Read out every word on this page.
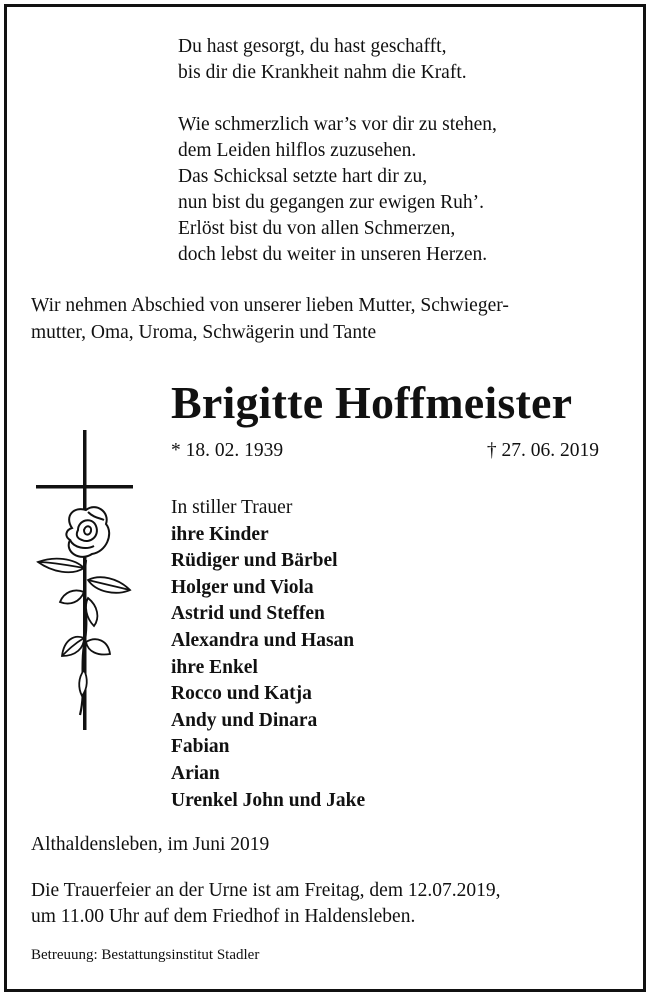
Du hast gesorgt, du hast geschafft,
bis dir die Krankheit nahm die Kraft.
Wie schmerzlich war’s vor dir zu stehen,
dem Leiden hilflos zuzusehen.
Das Schicksal setzte hart dir zu,
nun bist du gegangen zur ewigen Ruh’.
Erlöst bist du von allen Schmerzen,
doch lebst du weiter in unseren Herzen.
Wir nehmen Abschied von unserer lieben Mutter, Schwieger-
mutter, Oma, Uroma, Schwägerin und Tante
Brigitte Hoffmeister
* 18. 02. 1939	† 27. 06. 2019
In stiller Trauer
ihre Kinder
Rüdiger und Bärbel
Holger und Viola
Astrid und Steffen
Alexandra und Hasan
ihre Enkel
Rocco und Katja
Andy und Dinara
Fabian
Arian
Urenkel John und Jake
Althaldensleben, im Juni 2019
Die Trauerfeier an der Urne ist am Freitag, dem 12.07.2019,
um 11.00 Uhr auf dem Friedhof in Haldensleben.
Betreuung: Bestattungsinstitut Stadler
